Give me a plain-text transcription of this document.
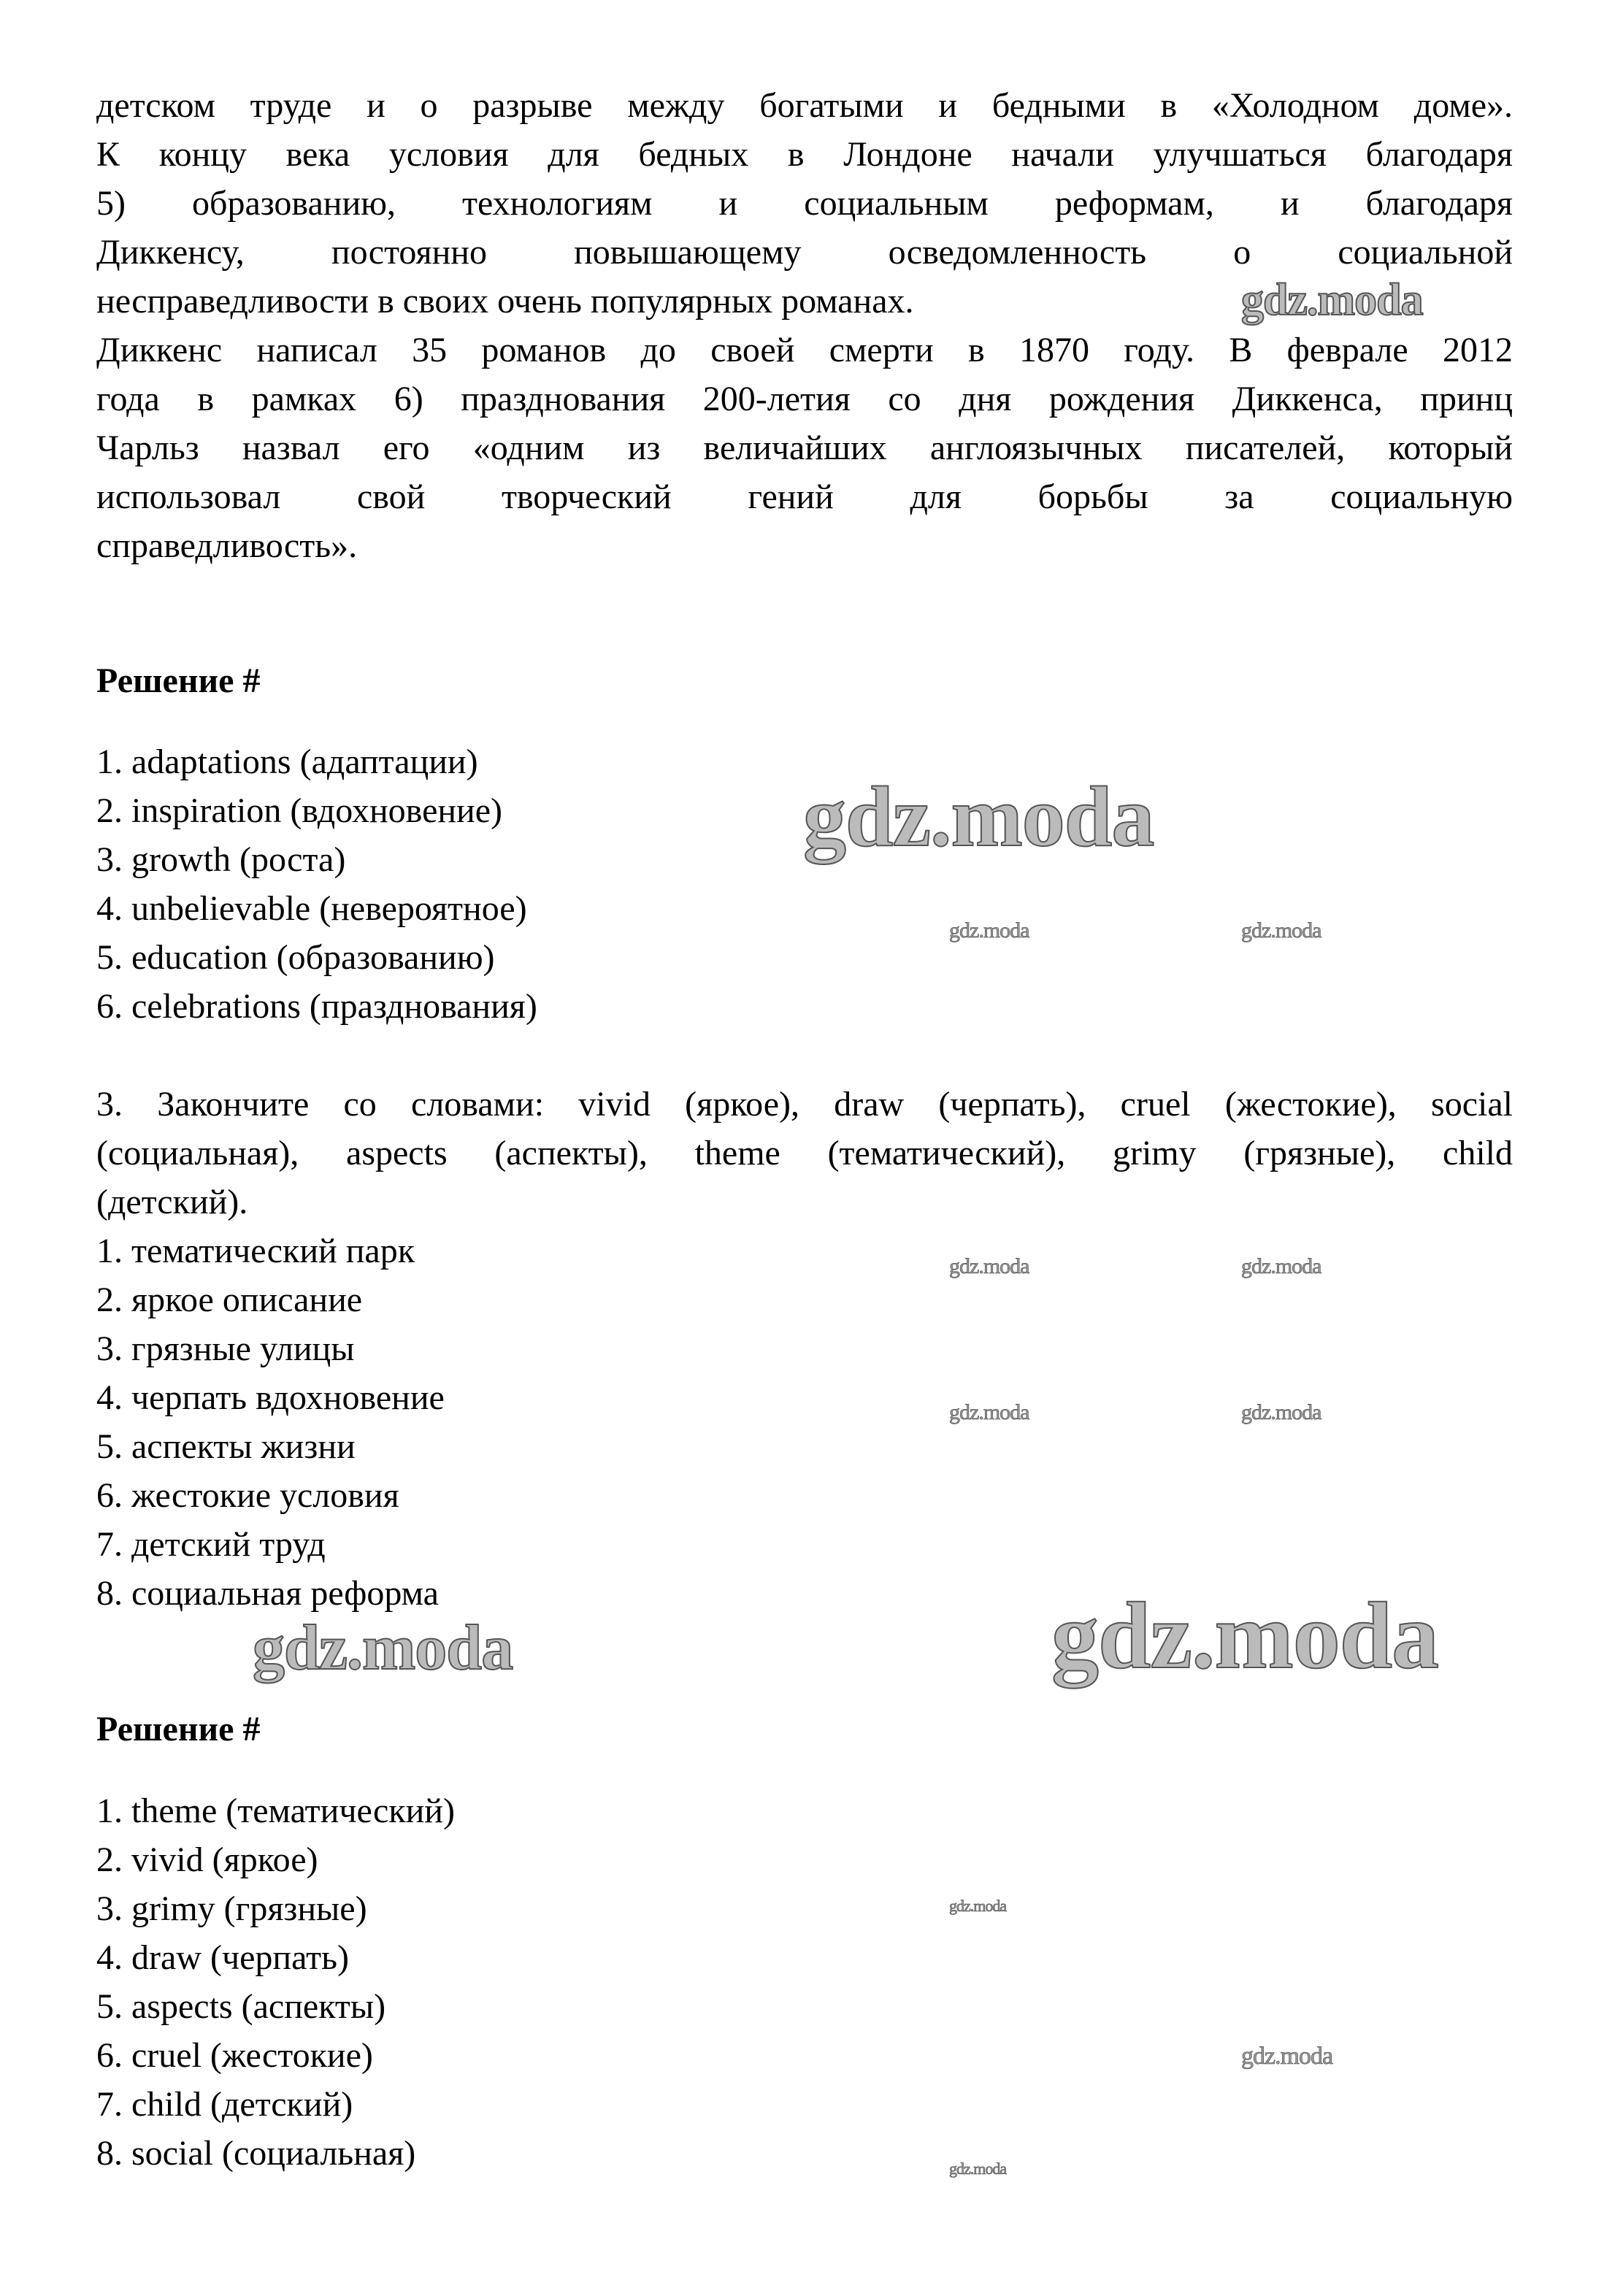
детском труде и о разрыве между богатыми и бедными в «Холодном доме».
К концу века условия для бедных в Лондоне начали улучшаться благодаря
5) образованию, технологиям и социальным реформам, и благодаря
Диккенсу, постоянно повышающему осведомленность о социальной
несправедливости в своих очень популярных романах.
Диккенс написал 35 романов до своей смерти в 1870 году. В феврале 2012
года в рамках 6) празднования 200-летия со дня рождения Диккенса, принц
Чарльз назвал его «одним из величайших англоязычных писателей, который
использовал свой творческий гений для борьбы за социальную
справедливость».
Решение #
1. adaptations (адаптации)
2. inspiration (вдохновение)
3. growth (роста)
4. unbelievable (невероятное)
5. education (образованию)
6. celebrations (празднования)
3. Закончите со словами: vivid (яркое), draw (черпать), cruel (жестокие), social
(социальная), aspects (аспекты), theme (тематический), grimy (грязные), child
(детский).
1. тематический парк
2. яркое описание
3. грязные улицы
4. черпать вдохновение
5. аспекты жизни
6. жестокие условия
7. детский труд
8. социальная реформа
Решение #
1. theme (тематический)
2. vivid (яркое)
3. grimy (грязные)
4. draw (черпать)
5. aspects (аспекты)
6. cruel (жестокие)
7. child (детский)
8. social (социальная)
gdz.moda
gdz.moda
gdz.moda	gdz.moda
gdz.moda	gdz.moda
gdz.moda	gdz.moda
gdz.moda	gdz.moda
gdz.moda
gdz.moda
gdz.moda
